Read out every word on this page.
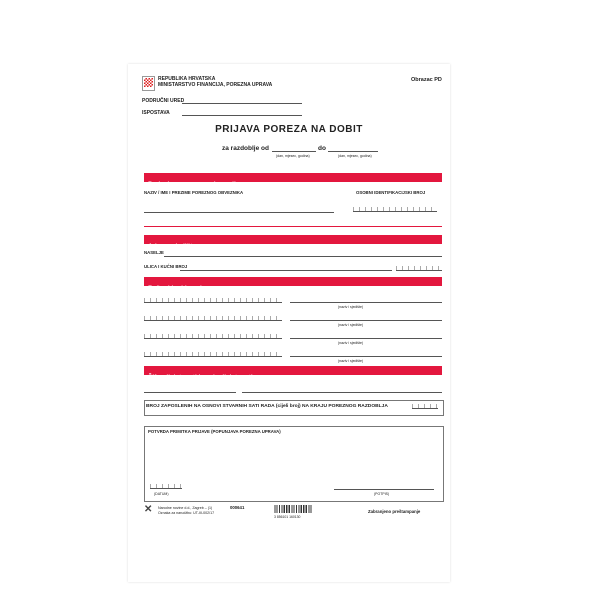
REPUBLIKA HRVATSKA
MINISTARSTVO FINANCIJA, POREZNA UPRAVA
Obrazac PD
PODRUČNI URED
ISPOSTAVA
PRIJAVA POREZA NA DOBIT
za razdoblje od
(dan, mjesec, godina)
do
(dan, mjesec, godina)
Podaci o poreznom obvezniku
NAZIV / IME I PREZIME POREZNOG OBVEZNIKA	OSOBNI IDENTIFIKACIJSKI BROJ
Adresa sjedišta
NASELJE
ULICA I KUĆNI BROJ
Računi kod banaka
(naziv i sjedište)
(naziv i sjedište)
(naziv i sjedište)
(naziv i sjedište)
Šifra djelatnosti i naziv djelatnosti
BROJ ZAPOSLENIH NA OSNOVI STVARNIH SATI RADA (cijeli broj) NA KRAJU POREZNOG RAZDOBLJA
POTVRDA PRIMITKA PRIJAVE (POPUNJAVA POREZNA UPRAVA)
(DATUM)	(POTPIS)
✕	Narodne novine d.d., Zagreb – (1)
Oznaka za narudžbu: UT-III-002/17
000641
3 856101 160130
Zabranjeno preštampanje
